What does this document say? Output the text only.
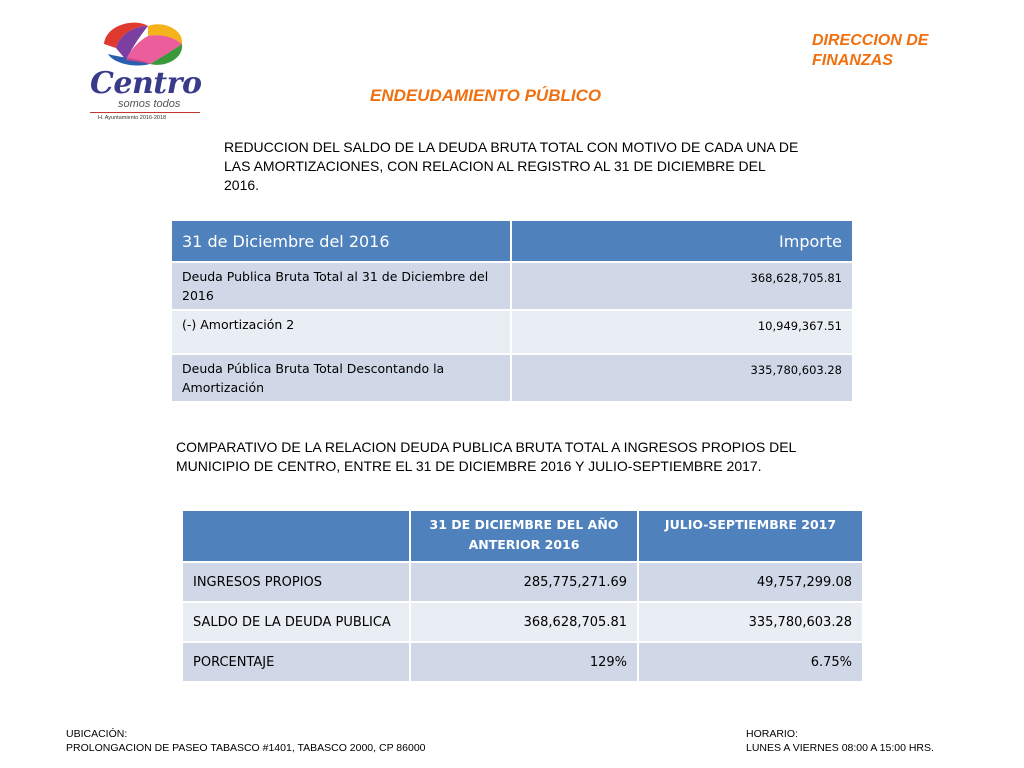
Centro
somos todos
H. Ayuntamiento 2016-2018
DIRECCION DE
FINANZAS
ENDEUDAMIENTO PÚBLICO
REDUCCION DEL SALDO DE LA DEUDA BRUTA TOTAL CON MOTIVO DE CADA UNA DE LAS AMORTIZACIONES, CON RELACION AL REGISTRO AL 31 DE DICIEMBRE DEL 2016.
31 de Diciembre del 2016	Importe
Deuda Publica Bruta Total al 31 de Diciembre del 2016	368,628,705.81
(-) Amortización 2	10,949,367.51
Deuda Pública Bruta Total Descontando la Amortización	335,780,603.28
COMPARATIVO DE LA RELACION DEUDA PUBLICA BRUTA TOTAL A INGRESOS PROPIOS DEL MUNICIPIO DE CENTRO, ENTRE EL 31 DE DICIEMBRE 2016 Y JULIO-SEPTIEMBRE 2017.
	31 DE DICIEMBRE DEL AÑO ANTERIOR 2016	JULIO-SEPTIEMBRE 2017
INGRESOS PROPIOS	285,775,271.69	49,757,299.08
SALDO DE LA DEUDA PUBLICA	368,628,705.81	335,780,603.28
PORCENTAJE	129%	6.75%
UBICACIÓN:
PROLONGACION DE PASEO TABASCO #1401, TABASCO 2000, CP 86000
HORARIO:
LUNES A VIERNES 08:00 A 15:00 HRS.
